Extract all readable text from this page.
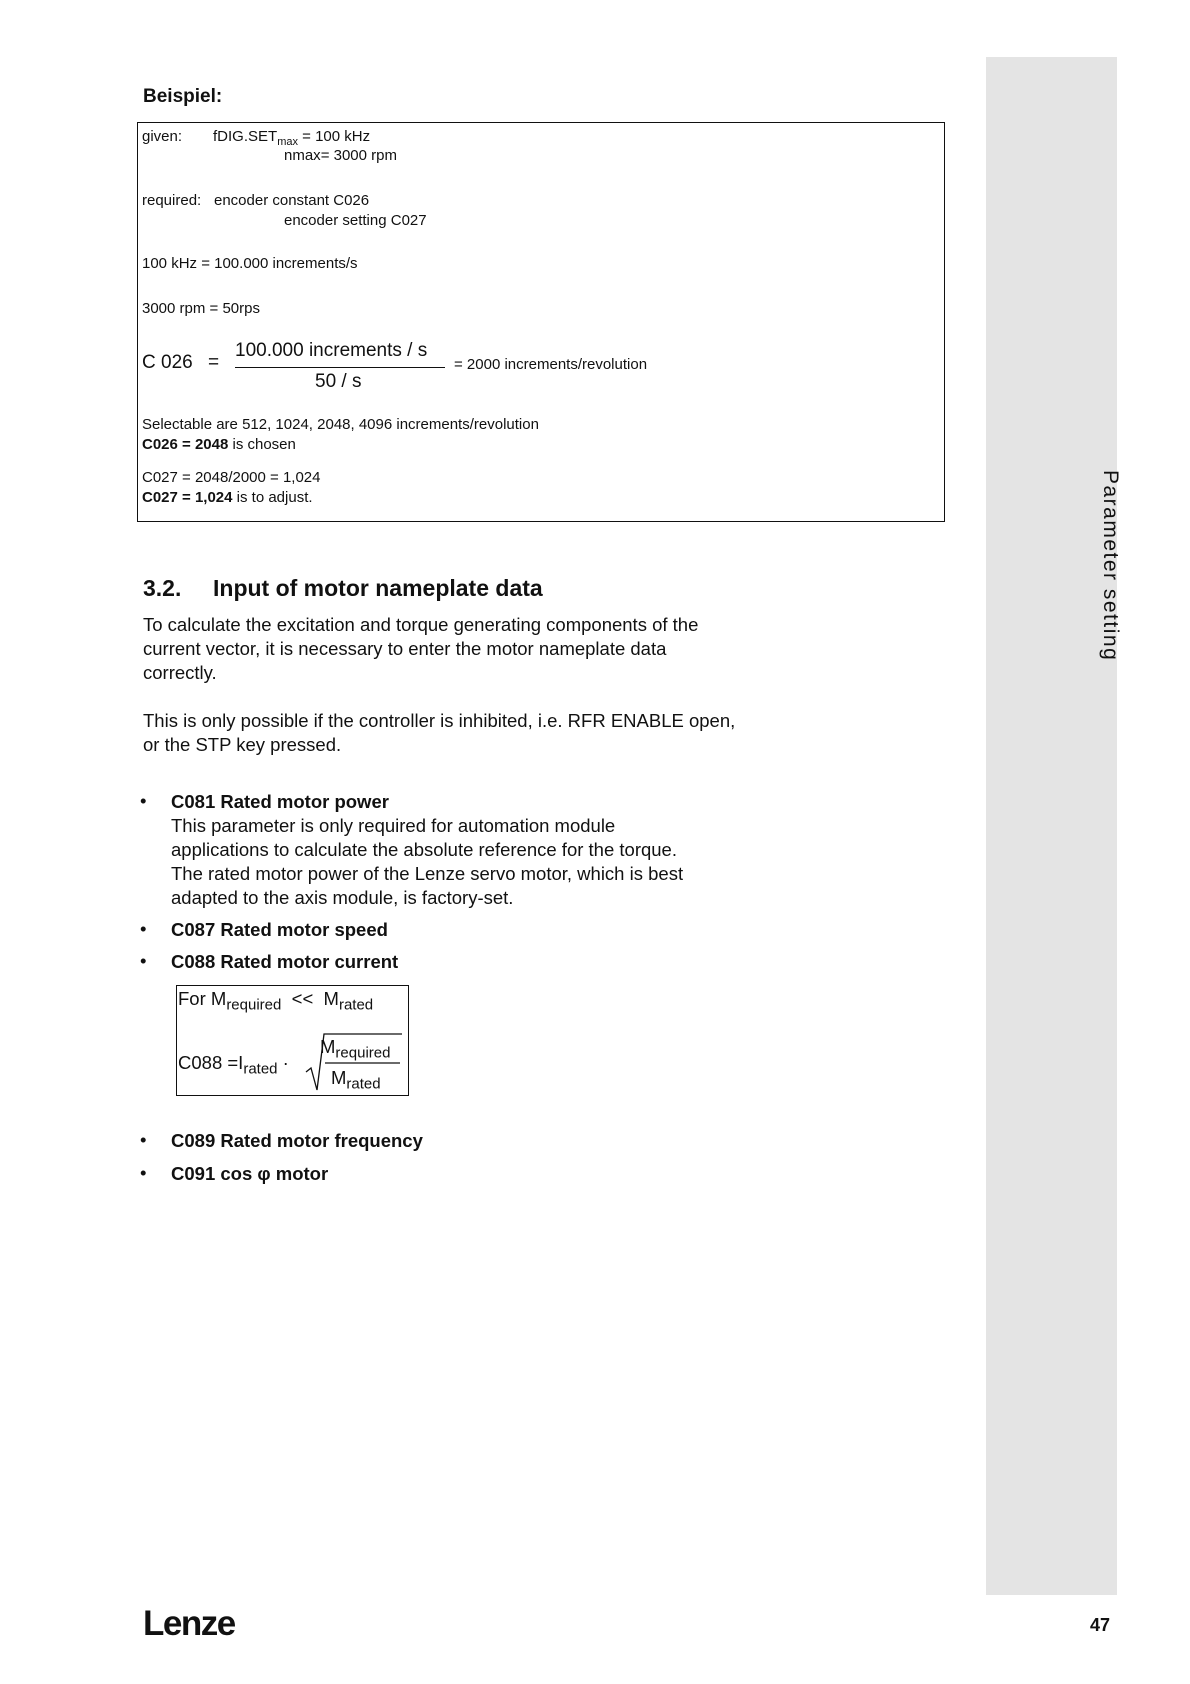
Parameter setting
Beispiel:
given: $fDIG.SET_{max} = 100$ kHz
nmax= 3000 rpm
required: encoder constant C026
encoder setting C027
100 kHz = 100.000 increments/s
3000 rpm = 50rps
C 026 =
100.000 increments / s
50 / s
= 2000 increments/revolution
Selectable are 512, 1024, 2048, 4096 increments/revolution
C026 = 2048 is chosen
C027 = 2048/2000 = 1,024
C027 = 1,024 is to adjust.
3.2. Input of motor nameplate data
To calculate the excitation and torque generating components of the current vector, it is necessary to enter the motor nameplate data correctly.
This is only possible if the controller is inhibited, i.e. RFR ENABLE open, or the STP key pressed.
• C081 Rated motor power
This parameter is only required for automation module
applications to calculate the absolute reference for the torque.
The rated motor power of the Lenze servo motor, which is best
adapted to the axis module, is factory-set.
• C087 Rated motor speed
• C088 Rated motor current
For $M_{required} << M_{rated}$
$C088 =I_{rated}$ ·
$M_{required}$
$M_{rated}$
• C089 Rated motor frequency
• C091 cos φ motor
Lenze	47
